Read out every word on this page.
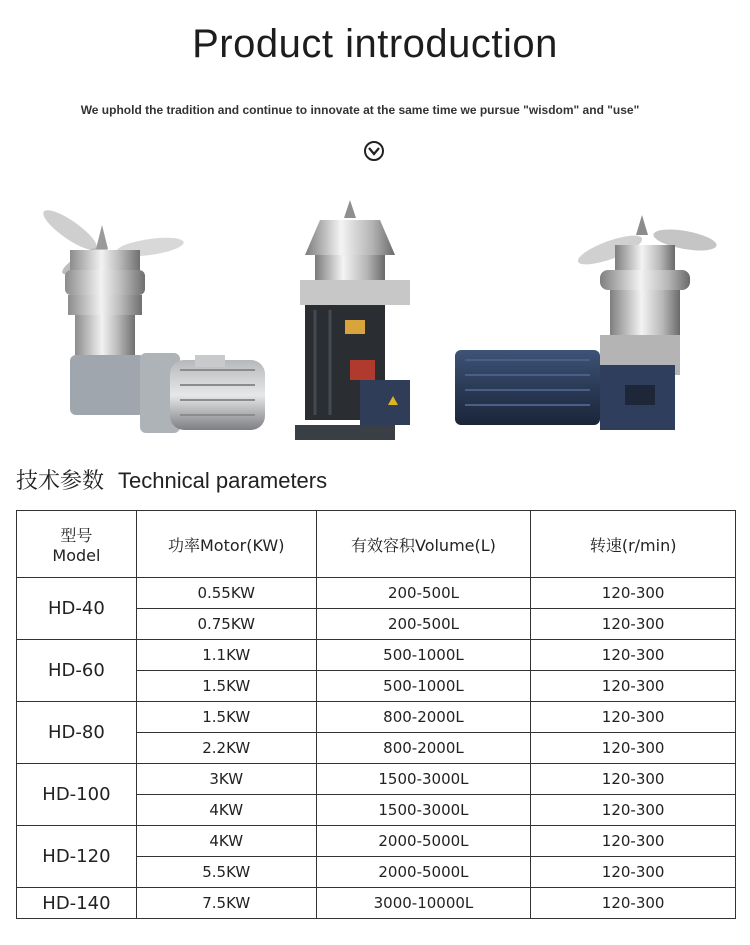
Product introduction
We uphold the tradition and continue to innovate at the same time we pursue "wisdom" and "use"
技术参数 Technical parameters
型号
Model	功率Motor(KW)	有效容积Volume(L)	转速(r/min)
HD-40	0.55KW	200-500L	120-300
	0.75KW	200-500L	120-300
HD-60	1.1KW	500-1000L	120-300
	1.5KW	500-1000L	120-300
HD-80	1.5KW	800-2000L	120-300
	2.2KW	800-2000L	120-300
HD-100	3KW	1500-3000L	120-300
	4KW	1500-3000L	120-300
HD-120	4KW	2000-5000L	120-300
	5.5KW	2000-5000L	120-300
HD-140	7.5KW	3000-10000L	120-300
